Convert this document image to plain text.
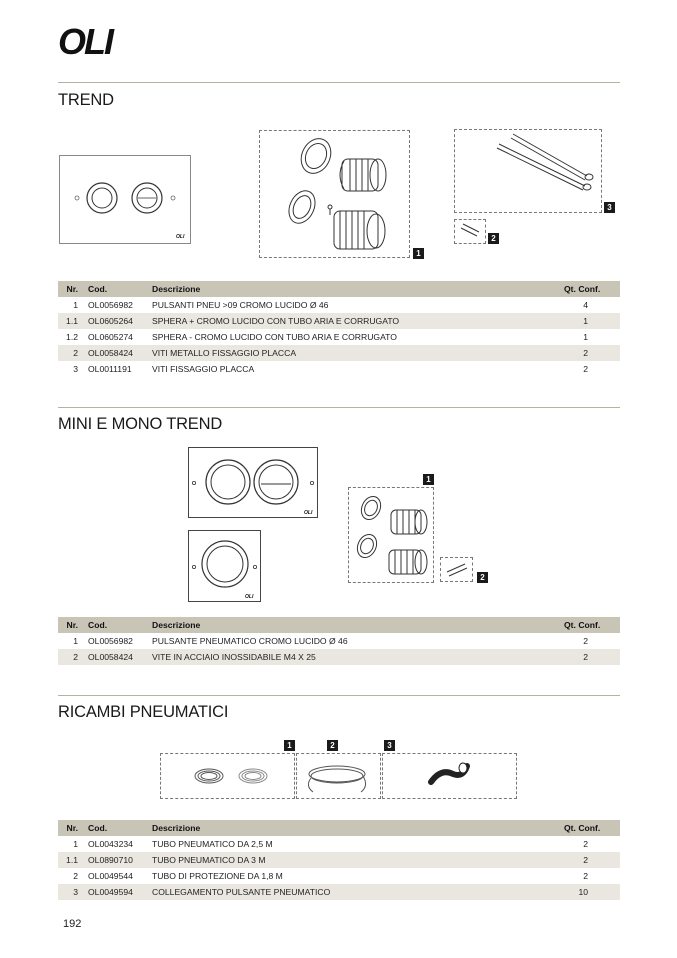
OLI
TREND
OLI
1
3
2
Nr.	Cod.	Descrizione	Qt. Conf.
1	OL0056982	PULSANTI PNEU >09 CROMO LUCIDO Ø 46	4
1.1	OL0605264	SPHERA + CROMO LUCIDO CON TUBO ARIA E CORRUGATO	1
1.2	OL0605274	SPHERA - CROMO LUCIDO CON TUBO ARIA E CORRUGATO	1
2	OL0058424	VITI METALLO FISSAGGIO PLACCA	2
3	OL0011191	VITI FISSAGGIO PLACCA	2
MINI E MONO TREND
OLI
OLI
1
2
Nr.	Cod.	Descrizione	Qt. Conf.
1	OL0056982	PULSANTE PNEUMATICO CROMO LUCIDO Ø 46	2
2	OL0058424	VITE IN ACCIAIO INOSSIDABILE M4 X 25	2
RICAMBI PNEUMATICI
1	2	3
Nr.	Cod.	Descrizione	Qt. Conf.
1	OL0043234	TUBO PNEUMATICO DA 2,5 M	2
1.1	OL0890710	TUBO PNEUMATICO DA 3 M	2
2	OL0049544	TUBO DI PROTEZIONE DA 1,8 M	2
3	OL0049594	COLLEGAMENTO PULSANTE PNEUMATICO	10
192
